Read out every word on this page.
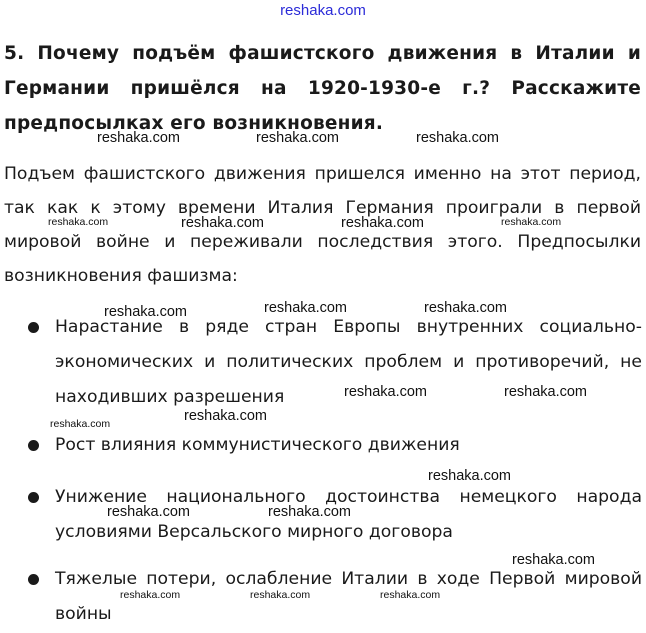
reshaka.com
5. Почему подъём фашистского движения в Италии и Германии пришёлся на 1920-1930-е г.? Расскажите предпосылках его возникновения.

Подъем фашистского движения пришелся именно на этот период, так как к этому времени Италия Германия проиграли в первой мировой войне и переживали последствия этого. Предпосылки возникновения фашизма:

Нарастание в ряде стран Европы внутренних социально-экономических и политических проблем и противоречий, не находивших разрешения
Рост влияния коммунистического движения
Унижение национального достоинства немецкого народа условиями Версальского мирного договора
Тяжелые потери, ослабление Италии в ходе Первой мировой войны
reshaka.com	reshaka.com	reshaka.com
reshaka.com	reshaka.com	reshaka.com	reshaka.com
reshaka.com	reshaka.com	reshaka.com
reshaka.com	reshaka.com
reshaka.com	reshaka.com
reshaka.com
reshaka.com	reshaka.com
reshaka.com
reshaka.com	reshaka.com	reshaka.com
